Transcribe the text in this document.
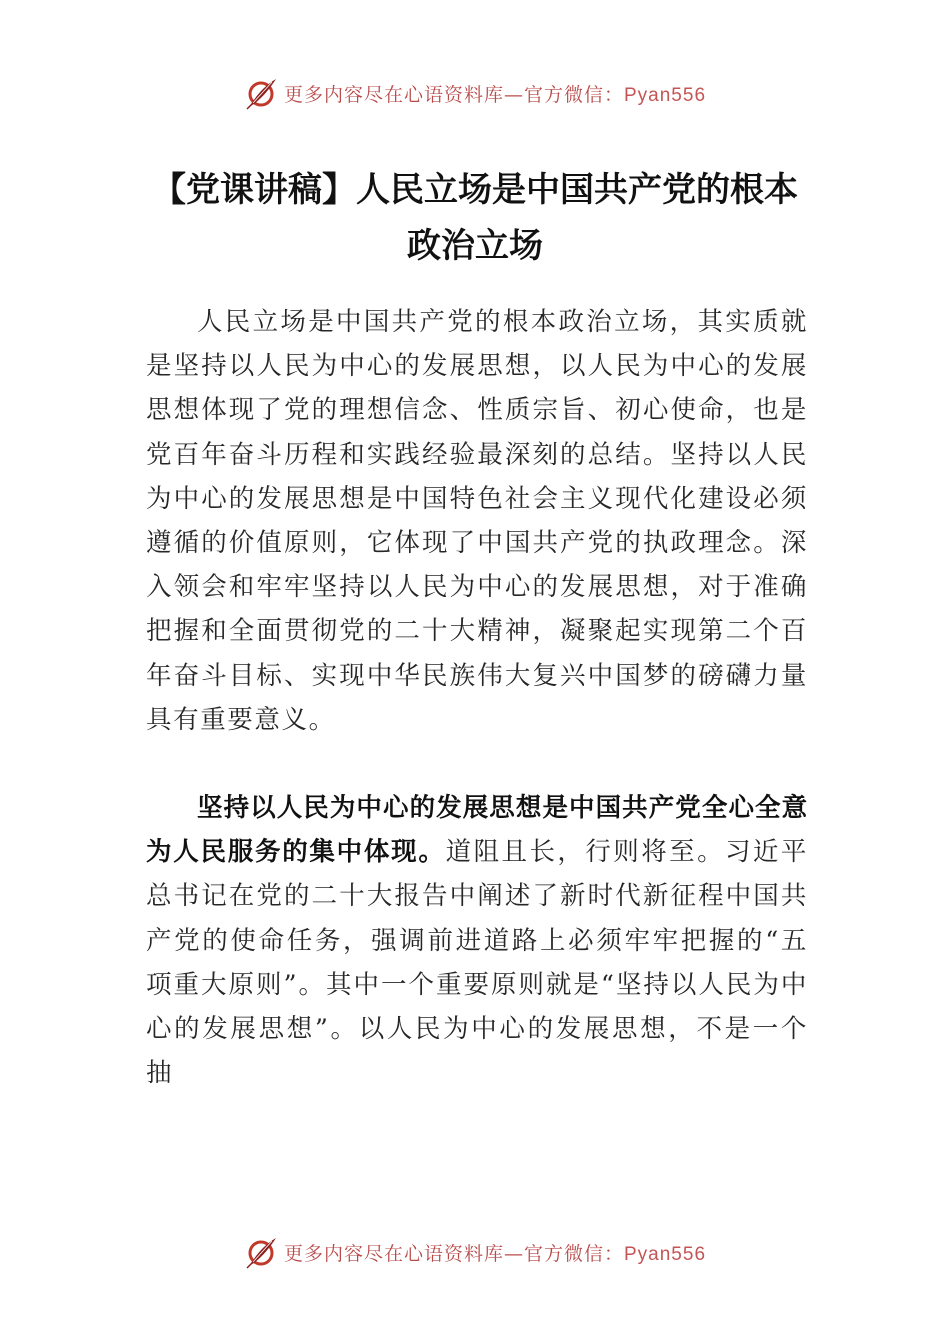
更多内容尽在心语资料库—官方微信：Pyan556
【党课讲稿】人民立场是中国共产党的根本政治立场

人民立场是中国共产党的根本政治立场，其实质就是坚持以人民为中心的发展思想，以人民为中心的发展思想体现了党的理想信念、性质宗旨、初心使命，也是党百年奋斗历程和实践经验最深刻的总结。坚持以人民为中心的发展思想是中国特色社会主义现代化建设必须遵循的价值原则，它体现了中国共产党的执政理念。深入领会和牢牢坚持以人民为中心的发展思想，对于准确把握和全面贯彻党的二十大精神，凝聚起实现第二个百年奋斗目标、实现中华民族伟大复兴中国梦的磅礴力量具有重要意义。

坚持以人民为中心的发展思想是中国共产党全心全意为人民服务的集中体现。道阻且长，行则将至。习近平总书记在党的二十大报告中阐述了新时代新征程中国共产党的使命任务，强调前进道路上必须牢牢把握的“五项重大原则”。其中一个重要原则就是“坚持以人民为中心的发展思想”。以人民为中心的发展思想，不是一个抽

更多内容尽在心语资料库—官方微信：Pyan556
